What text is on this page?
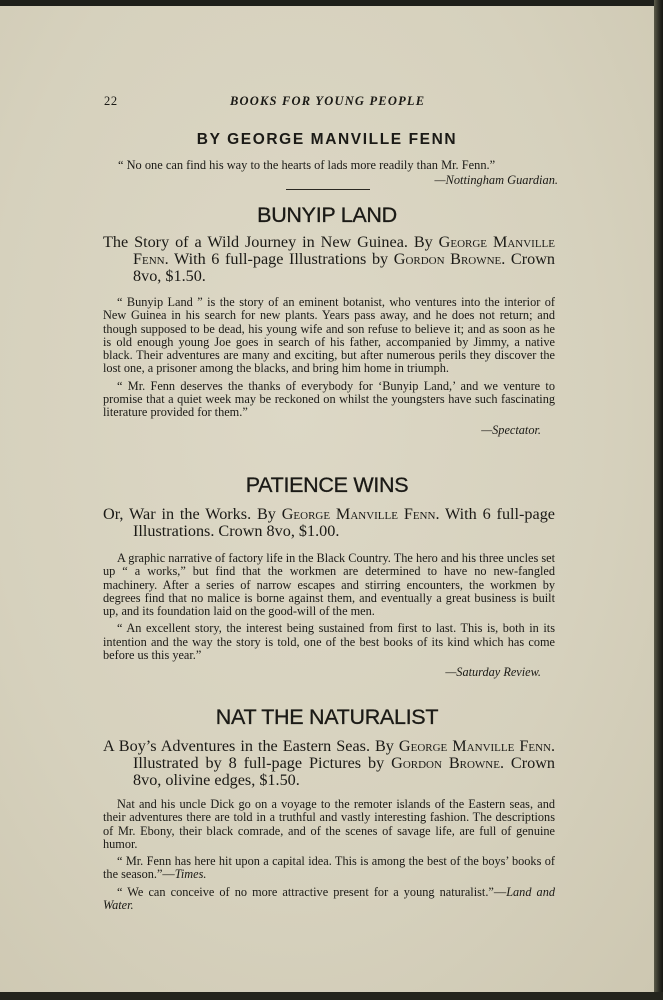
22	BOOKS FOR YOUNG PEOPLE
BY GEORGE MANVILLE FENN
“ No one can find his way to the hearts of lads more readily than Mr. Fenn.”
—Nottingham Guardian.
BUNYIP LAND
The Story of a Wild Journey in New Guinea. By George Manville Fenn. With 6 full-page Illustrations by Gordon Browne. Crown 8vo, $1.50.

“ Bunyip Land ” is the story of an eminent botanist, who ventures into the interior of New Guinea in his search for new plants. Years pass away, and he does not return; and though supposed to be dead, his young wife and son refuse to believe it; and as soon as he is old enough young Joe goes in search of his father, accompanied by Jimmy, a native black. Their adventures are many and exciting, but after numerous perils they discover the lost one, a prisoner among the blacks, and bring him home in triumph.

“ Mr. Fenn deserves the thanks of everybody for ‘Bunyip Land,’ and we venture to promise that a quiet week may be reckoned on whilst the youngsters have such fascinating literature provided for them.”

—Spectator.

PATIENCE WINS
Or, War in the Works. By George Manville Fenn. With 6 full-page Illustrations. Crown 8vo, $1.00.

A graphic narrative of factory life in the Black Country. The hero and his three uncles set up “ a works,” but find that the workmen are determined to have no new-fangled machinery. After a series of narrow escapes and stirring encounters, the workmen by degrees find that no malice is borne against them, and eventually a great business is built up, and its foundation laid on the good-will of the men.

“ An excellent story, the interest being sustained from first to last. This is, both in its intention and the way the story is told, one of the best books of its kind which has come before us this year.”

—Saturday Review.

NAT THE NATURALIST
A Boy’s Adventures in the Eastern Seas. By George Manville Fenn. Illustrated by 8 full-page Pictures by Gordon Browne. Crown 8vo, olivine edges, $1.50.

Nat and his uncle Dick go on a voyage to the remoter islands of the Eastern seas, and their adventures there are told in a truthful and vastly interesting fashion. The descriptions of Mr. Ebony, their black comrade, and of the scenes of savage life, are full of genuine humor.

“ Mr. Fenn has here hit upon a capital idea. This is among the best of the boys’ books of the season.”—Times.

“ We can conceive of no more attractive present for a young naturalist.”—Land and Water.
